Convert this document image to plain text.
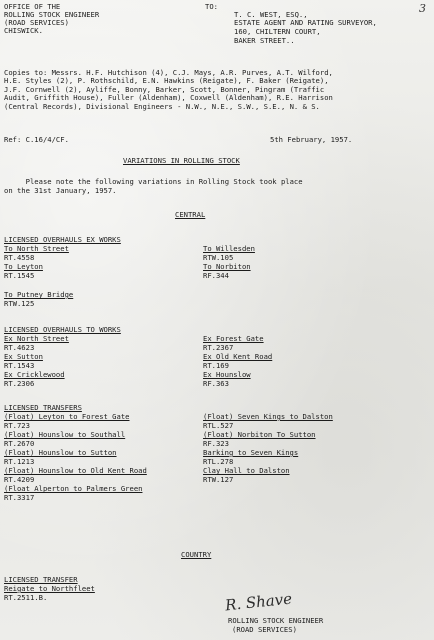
3
OFFICE OF THE
ROLLING STOCK ENGINEER
(ROAD SERVICES)
CHISWICK.
TO:
T. C. WEST, ESQ.,
ESTATE AGENT AND RATING SURVEYOR,
160, CHILTERN COURT,
BAKER STREET..
Copies to: Messrs. H.F. Hutchison (4), C.J. Mays, A.R. Purves, A.T. Wilford,
H.E. Styles (2), P. Rothschild, E.N. Hawkins (Reigate), F. Baker (Reigate),
J.F. Cornwell (2), Ayliffe, Bonny, Barker, Scott, Bonner, Pingram (Traffic
Audit, Griffith House), Fuller (Aldenham), Coxwell (Aldenham), R.E. Harrison
(Central Records), Divisional Engineers - N.W., N.E., S.W., S.E., N. & S.
Ref: C.16/4/CF.	5th February, 1957.
VARIATIONS IN ROLLING STOCK
Please note the following variations in Rolling Stock took place
on the 31st January, 1957.
CENTRAL
LICENSED OVERHAULS EX WORKS
To North Street
RT.4558
To Leyton
RT.1545
To Putney Bridge
RTW.125
To Willesden
RTW.105
To Norbiton
RF.344
LICENSED OVERHAULS TO WORKS
Ex North Street
RT.4623
Ex Sutton
RT.1543
Ex Cricklewood
RT.2306
Ex Forest Gate
RT.2367
Ex Old Kent Road
RT.169
Ex Hounslow
RF.363
LICENSED TRANSFERS
(Float) Leyton to Forest Gate
RT.723
(Float) Hounslow to Southall
RT.2670
(Float) Hounslow to Sutton
RT.1213
(Float) Hounslow to Old Kent Road
RT.4209
(Float Alperton to Palmers Green
RT.3317
(Float) Seven Kings to Dalston
RTL.527
(Float) Norbiton To Sutton
RF.323
Barking to Seven Kings
RTL.278
Clay Hall to Dalston
RTW.127
COUNTRY
LICENSED TRANSFER
Reigate to Northfleet
RT.2511.B.	R. Shave
ROLLING STOCK ENGINEER
(ROAD SERVICES)
